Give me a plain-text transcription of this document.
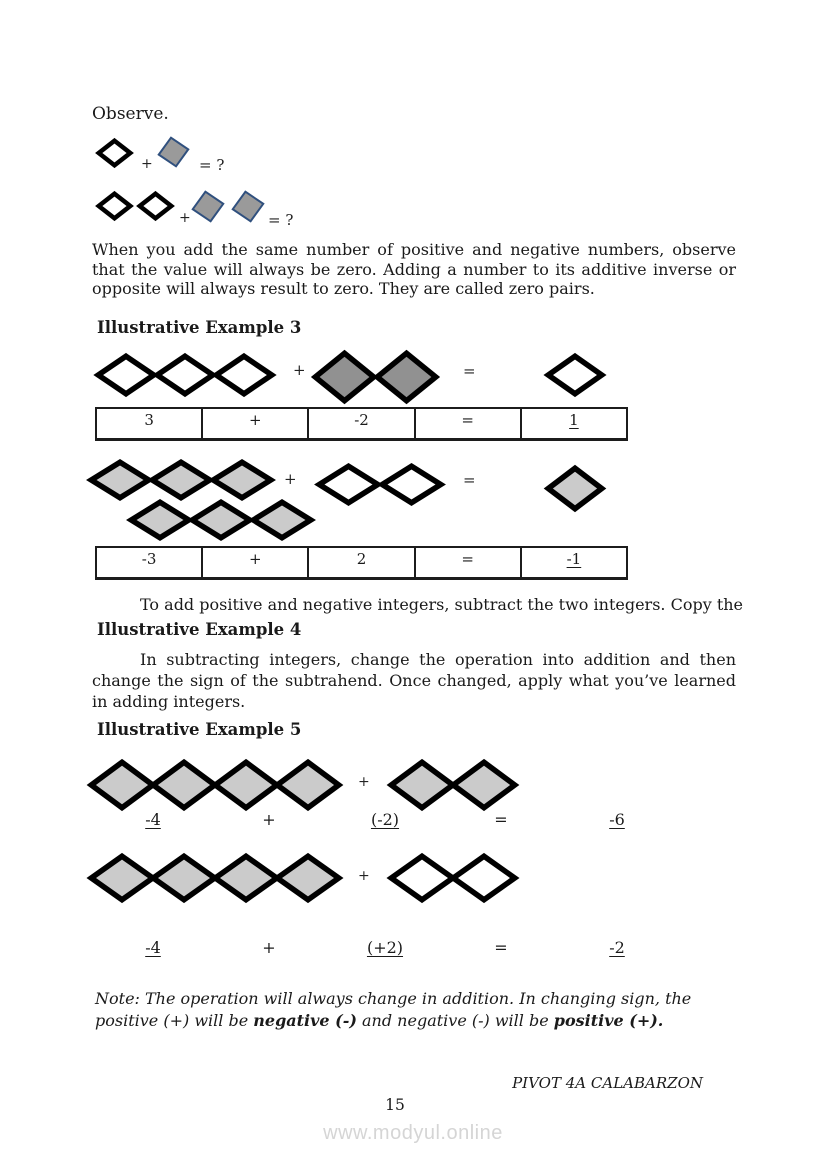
Observe.
+	= ?
+	= ?
When you add the same number of positive and negative numbers, observe that the value will always be zero. Adding a number to its additive inverse or opposite will always result to zero. They are called zero pairs.
Illustrative Example 3
+	=
3	+	-2	=	1
+	=
-3	+	2	=	-1
To add positive and negative integers, subtract the two integers. Copy the
Illustrative Example 4
In subtracting integers, change the operation into addition and then change the sign of the subtrahend. Once changed, apply what you’ve learned in adding integers.
Illustrative Example 5
+
-4	+	(-2)	=	-6
+
-4	+	(+2)	=	-2
Note: The operation will always change in addition. In changing sign, the positive (+) will be negative (-) and negative (-) will be positive (+).
PIVOT 4A CALABARZON
15
www.modyul.online
